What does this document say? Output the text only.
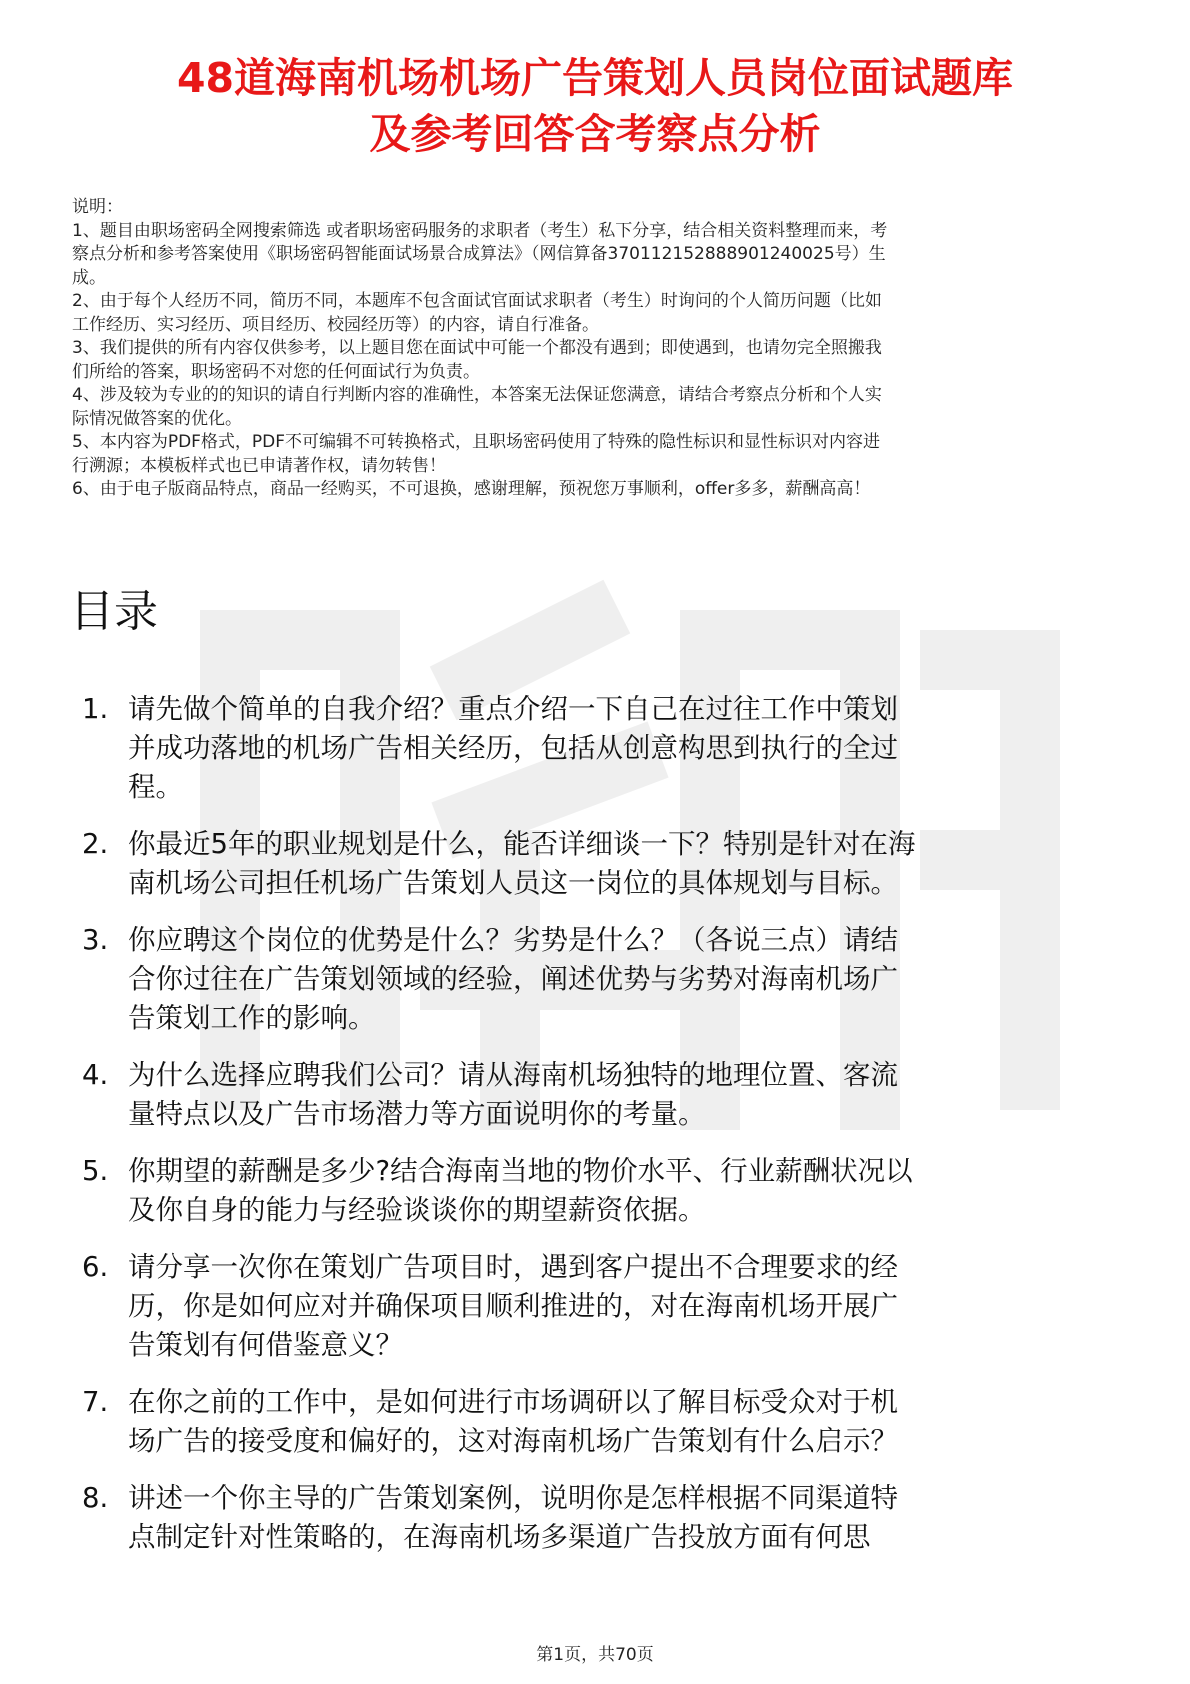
48道海南机场机场广告策划人员岗位面试题库
及参考回答含考察点分析

说明：

1、题目由职场密码全网搜索筛选 或者职场密码服务的求职者（考生）私下分享，结合相关资料整理而来，考

察点分析和参考答案使用《职场密码智能面试场景合成算法》（网信算备370112152888901240025号）生

成。

2、由于每个人经历不同，简历不同，本题库不包含面试官面试求职者（考生）时询问的个人简历问题（比如

工作经历、实习经历、项目经历、校园经历等）的内容，请自行准备。

3、我们提供的所有内容仅供参考，以上题目您在面试中可能一个都没有遇到；即使遇到，也请勿完全照搬我

们所给的答案，职场密码不对您的任何面试行为负责。

4、涉及较为专业的的知识的请自行判断内容的准确性，本答案无法保证您满意，请结合考察点分析和个人实

际情况做答案的优化。

5、本内容为PDF格式，PDF不可编辑不可转换格式，且职场密码使用了特殊的隐性标识和显性标识对内容进

行溯源；本模板样式也已申请著作权，请勿转售！

6、由于电子版商品特点，商品一经购买，不可退换，感谢理解，预祝您万事顺利，offer多多，薪酬高高！

目录
1. 请先做个简单的自我介绍？重点介绍一下自己在过往工作中策划
并成功落地的机场广告相关经历，包括从创意构思到执行的全过
程。
2. 你最近5年的职业规划是什么，能否详细谈一下？特别是针对在海
南机场公司担任机场广告策划人员这一岗位的具体规划与目标。
3. 你应聘这个岗位的优势是什么？劣势是什么？（各说三点）请结
合你过往在广告策划领域的经验，阐述优势与劣势对海南机场广
告策划工作的影响。
4. 为什么选择应聘我们公司？请从海南机场独特的地理位置、客流
量特点以及广告市场潜力等方面说明你的考量。
5. 你期望的薪酬是多少?结合海南当地的物价水平、行业薪酬状况以
及你自身的能力与经验谈谈你的期望薪资依据。
6. 请分享一次你在策划广告项目时，遇到客户提出不合理要求的经
历，你是如何应对并确保项目顺利推进的，对在海南机场开展广
告策划有何借鉴意义？
7. 在你之前的工作中，是如何进行市场调研以了解目标受众对于机
场广告的接受度和偏好的，这对海南机场广告策划有什么启示？
8. 讲述一个你主导的广告策划案例，说明你是怎样根据不同渠道特
点制定针对性策略的，在海南机场多渠道广告投放方面有何思
第1页，共70页
